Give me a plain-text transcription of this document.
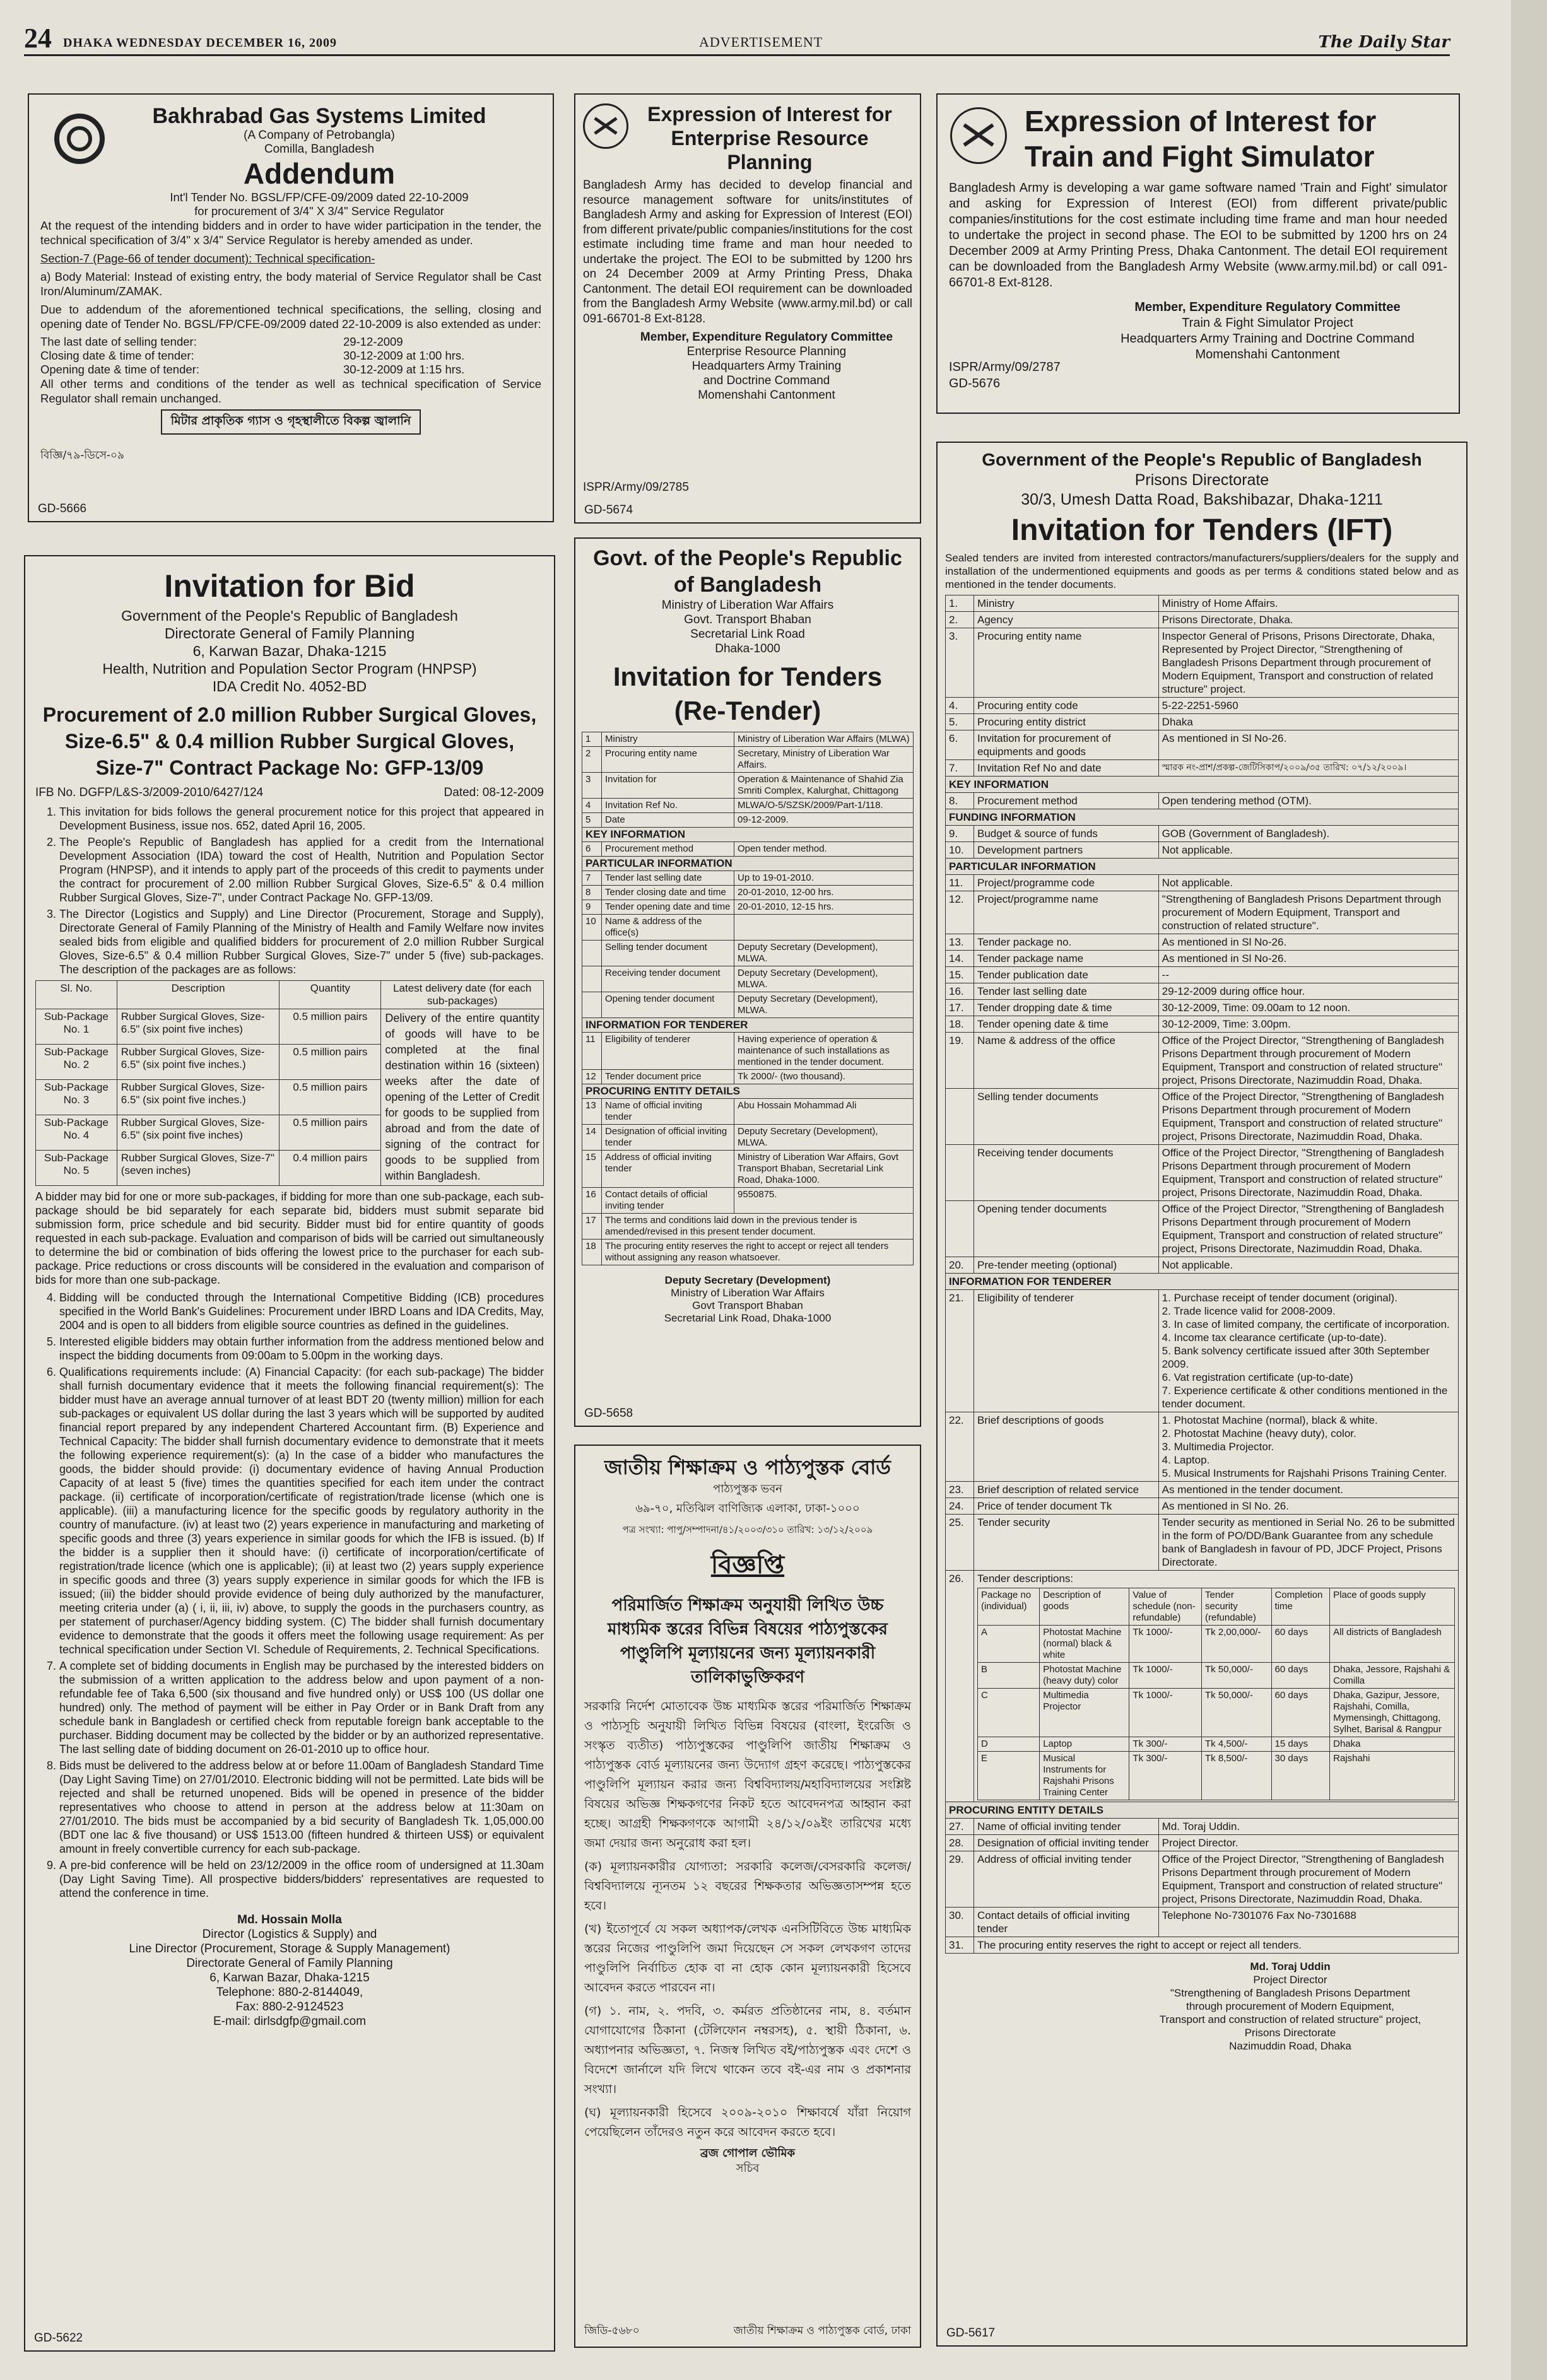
24 DHAKA WEDNESDAY DECEMBER 16, 2009	ADVERTISEMENT	The Daily Star
Bakhrabad Gas Systems Limited
(A Company of Petrobangla)
Comilla, Bangladesh
Addendum
Int'l Tender No. BGSL/FP/CFE-09/2009 dated 22-10-2009
for procurement of 3/4" X 3/4" Service Regulator

At the request of the intending bidders and in order to have wider participation in the tender, the technical specification of 3/4" x 3/4" Service Regulator is hereby amended as under.

Section-7 (Page-66 of tender document): Technical specification-

a) Body Material: Instead of existing entry, the body material of Service Regulator shall be Cast Iron/Aluminum/ZAMAK.

Due to addendum of the aforementioned technical specifications, the selling, closing and opening date of Tender No. BGSL/FP/CFE-09/2009 dated 22-10-2009 is also extended as under:

The last date of selling tender:	29-12-2009
Closing date & time of tender:	30-12-2009 at 1:00 hrs.
Opening date & time of tender:	30-12-2009 at 1:15 hrs.

All other terms and conditions of the tender as well as technical specification of Service Regulator shall remain unchanged.

মিটার প্রাকৃতিক গ্যাস ও গৃহস্থালীতে বিকল্প জ্বালানি
বিজ্ঞি/৭৯-ডিসে-০৯
GD-5666
Expression of Interest for Enterprise Resource Planning

Bangladesh Army has decided to develop financial and resource management software for units/institutes of Bangladesh Army and asking for Expression of Interest (EOI) from different private/public companies/institutions for the cost estimate including time frame and man hour needed to undertake the project. The EOI to be submitted by 1200 hrs on 24 December 2009 at Army Printing Press, Dhaka Cantonment. The detail EOI requirement can be downloaded from the Bangladesh Army Website (www.army.mil.bd) or call 091-66701-8 Ext-8128.

Member, Expenditure Regulatory Committee
Enterprise Resource Planning
Headquarters Army Training
and Doctrine Command
Momenshahi Cantonment
ISPR/Army/09/2785
GD-5674
Expression of Interest for Train and Fight Simulator

Bangladesh Army is developing a war game software named 'Train and Fight' simulator and asking for Expression of Interest (EOI) from different private/public companies/institutions for the cost estimate including time frame and man hour needed to undertake the project in second phase. The EOI to be submitted by 1200 hrs on 24 December 2009 at Army Printing Press, Dhaka Cantonment. The detail EOI requirement can be downloaded from the Bangladesh Army Website (www.army.mil.bd) or call 091-66701-8 Ext-8128.

Member, Expenditure Regulatory Committee
Train & Fight Simulator Project
Headquarters Army Training and Doctrine Command
Momenshahi Cantonment
ISPR/Army/09/2787
GD-5676
Invitation for Bid
Government of the People's Republic of Bangladesh
Directorate General of Family Planning
6, Karwan Bazar, Dhaka-1215
Health, Nutrition and Population Sector Program (HNPSP)
IDA Credit No. 4052-BD
Procurement of 2.0 million Rubber Surgical Gloves, Size-6.5" & 0.4 million Rubber Surgical Gloves, Size-7" Contract Package No: GFP-13/09
IFB No. DGFP/L&S-3/2009-2010/6427/124	Dated: 08-12-2009
1. This invitation for bids follows the general procurement notice for this project that appeared in Development Business, issue nos. 652, dated April 16, 2005.
2. The People's Republic of Bangladesh has applied for a credit from the International Development Association (IDA) toward the cost of Health, Nutrition and Population Sector Program (HNPSP), and it intends to apply part of the proceeds of this credit to payments under the contract for procurement of 2.00 million Rubber Surgical Gloves, Size-6.5" & 0.4 million Rubber Surgical Gloves, Size-7", under Contract Package No. GFP-13/09.
3. The Director (Logistics and Supply) and Line Director (Procurement, Storage and Supply), Directorate General of Family Planning of the Ministry of Health and Family Welfare now invites sealed bids from eligible and qualified bidders for procurement of 2.0 million Rubber Surgical Gloves, Size-6.5" & 0.4 million Rubber Surgical Gloves, Size-7" under 5 (five) sub-packages. The description of the packages are as follows:
Sl. No.	Description	Quantity	Latest delivery date (for each sub-packages)
Sub-Package No. 1	Rubber Surgical Gloves, Size-6.5" (six point five inches)	0.5 million pairs	Delivery of the entire quantity of goods will have to be completed at the final destination within 16 (sixteen) weeks after the date of opening of the Letter of Credit for goods to be supplied from abroad and from the date of signing of the contract for goods to be supplied from within Bangladesh.
Sub-Package No. 2	Rubber Surgical Gloves, Size-6.5" (six point five inches.)	0.5 million pairs	
Sub-Package No. 3	Rubber Surgical Gloves, Size-6.5" (six point five inches.)	0.5 million pairs	
Sub-Package No. 4	Rubber Surgical Gloves, Size-6.5" (six point five inches)	0.5 million pairs	
Sub-Package No. 5	Rubber Surgical Gloves, Size-7" (seven inches)	0.4 million pairs	

A bidder may bid for one or more sub-packages, if bidding for more than one sub-package, each sub-package should be bid separately for each separate bid, bidders must submit separate bid submission form, price schedule and bid security. Bidder must bid for entire quantity of goods requested in each sub-package. Evaluation and comparison of bids will be carried out simultaneously to determine the bid or combination of bids offering the lowest price to the purchaser for each sub-package. Price reductions or cross discounts will be considered in the evaluation and comparison of bids for more than one sub-package.

4. Bidding will be conducted through the International Competitive Bidding (ICB) procedures specified in the World Bank's Guidelines: Procurement under IBRD Loans and IDA Credits, May, 2004 and is open to all bidders from eligible source countries as defined in the guidelines.
5. Interested eligible bidders may obtain further information from the address mentioned below and inspect the bidding documents from 09:00am to 5.00pm in the working days.
6. Qualifications requirements include: (A) Financial Capacity: (for each sub-package) The bidder shall furnish documentary evidence that it meets the following financial requirement(s): The bidder must have an average annual turnover of at least BDT 20 (twenty million) million for each sub-packages or equivalent US dollar during the last 3 years which will be supported by audited financial report prepared by any independent Chartered Accountant firm. (B) Experience and Technical Capacity: The bidder shall furnish documentary evidence to demonstrate that it meets the following experience requirement(s): (a) In the case of a bidder who manufactures the goods, the bidder should provide: (i) documentary evidence of having Annual Production Capacity of at least 5 (five) times the quantities specified for each item under the contract package. (ii) certificate of incorporation/certificate of registration/trade license (which one is applicable). (iii) a manufacturing licence for the specific goods by regulatory authority in the country of manufacture. (iv) at least two (2) years experience in manufacturing and marketing of specific goods and three (3) years experience in similar goods for which the IFB is issued. (b) If the bidder is a supplier then it should have: (i) certificate of incorporation/certificate of registration/trade licence (which one is applicable); (ii) at least two (2) years supply experience in specific goods and three (3) years supply experience in similar goods for which the IFB is issued; (iii) the bidder should provide evidence of being duly authorized by the manufacturer, meeting criteria under (a) ( i, ii, iii, iv) above, to supply the goods in the purchasers country, as per statement of purchaser/Agency bidding system. (C) The bidder shall furnish documentary evidence to demonstrate that the goods it offers meet the following usage requirement: As per technical specification under Section VI. Schedule of Requirements, 2. Technical Specifications.
7. A complete set of bidding documents in English may be purchased by the interested bidders on the submission of a written application to the address below and upon payment of a non-refundable fee of Taka 6,500 (six thousand and five hundred only) or US$ 100 (US dollar one hundred) only. The method of payment will be either in Pay Order or in Bank Draft from any schedule bank in Bangladesh or certified check from reputable foreign bank acceptable to the purchaser. Bidding document may be collected by the bidder or by an authorized representative. The last selling date of bidding document on 26-01-2010 up to office hour.
8. Bids must be delivered to the address below at or before 11.00am of Bangladesh Standard Time (Day Light Saving Time) on 27/01/2010. Electronic bidding will not be permitted. Late bids will be rejected and shall be returned unopened. Bids will be opened in presence of the bidder representatives who choose to attend in person at the address below at 11:30am on 27/01/2010. The bids must be accompanied by a bid security of Bangladesh Tk. 1,05,000.00 (BDT one lac & five thousand) or US$ 1513.00 (fifteen hundred & thirteen US$) or equivalent amount in freely convertible currency for each sub-package.
9. A pre-bid conference will be held on 23/12/2009 in the office room of undersigned at 11.30am (Day Light Saving Time). All prospective bidders/bidders' representatives are requested to attend the conference in time.
Md. Hossain Molla
Director (Logistics & Supply) and
Line Director (Procurement, Storage & Supply Management)
Directorate General of Family Planning
6, Karwan Bazar, Dhaka-1215
Telephone: 880-2-8144049,
Fax: 880-2-9124523
E-mail: dirlsdgfp@gmail.com
GD-5622
Govt. of the People's Republic of Bangladesh
Ministry of Liberation War Affairs
Govt. Transport Bhaban
Secretarial Link Road
Dhaka-1000
Invitation for Tenders
(Re-Tender)
1	Ministry	Ministry of Liberation War Affairs (MLWA)
2	Procuring entity name	Secretary, Ministry of Liberation War Affairs.
3	Invitation for	Operation & Maintenance of Shahid Zia Smriti Complex, Kalurghat, Chittagong
4	Invitation Ref No.	MLWA/O-5/SZSK/2009/Part-1/118.
5	Date	09-12-2009.
KEY INFORMATION		
6	Procurement method	Open tender method.
PARTICULAR INFORMATION		
7	Tender last selling date	Up to 19-01-2010.
8	Tender closing date and time	20-01-2010, 12-00 hrs.
9	Tender opening date and time	20-01-2010, 12-15 hrs.
10	Name & address of the office(s)	
	Selling tender document	Deputy Secretary (Development), MLWA.
	Receiving tender document	Deputy Secretary (Development), MLWA.
	Opening tender document	Deputy Secretary (Development), MLWA.
INFORMATION FOR TENDERER		
11	Eligibility of tenderer	Having experience of operation & maintenance of such installations as mentioned in the tender document.
12	Tender document price	Tk 2000/- (two thousand).
PROCURING ENTITY DETAILS		
13	Name of official inviting tender	Abu Hossain Mohammad Ali
14	Designation of official inviting tender	Deputy Secretary (Development), MLWA.
15	Address of official inviting tender	Ministry of Liberation War Affairs, Govt Transport Bhaban, Secretarial Link Road, Dhaka-1000.
16	Contact details of official inviting tender	9550875.
17	The terms and conditions laid down in the previous tender is amended/revised in this present tender document.	
18	The procuring entity reserves the right to accept or reject all tenders without assigning any reason whatsoever.	
Deputy Secretary (Development)
Ministry of Liberation War Affairs
Govt Transport Bhaban
Secretarial Link Road, Dhaka-1000
GD-5658
জাতীয় শিক্ষাক্রম ও পাঠ্যপুস্তক বোর্ড
পাঠ্যপুস্তক ভবন
৬৯-৭০, মতিঝিল বাণিজ্যিক এলাকা, ঢাকা-১০০০
পত্র সংখ্যা: পাপু/সম্পাদনা/৪১/২০০৩/৩১০ তারিখ: ১৩/১২/২০০৯
বিজ্ঞপ্তি
পরিমার্জিত শিক্ষাক্রম অনুযায়ী লিখিত উচ্চ মাধ্যমিক স্তরের বিভিন্ন বিষয়ের পাঠ্যপুস্তকের পাণ্ডুলিপি মূল্যায়নের জন্য মূল্যায়নকারী তালিকাভুক্তিকরণ

সরকারি নির্দেশ মোতাবেক উচ্চ মাধ্যমিক স্তরের পরিমার্জিত শিক্ষাক্রম ও পাঠ্যসূচি অনুযায়ী লিখিত বিভিন্ন বিষয়ের (বাংলা, ইংরেজি ও সংস্কৃত ব্যতীত) পাঠ্যপুস্তকের পাণ্ডুলিপি জাতীয় শিক্ষাক্রম ও পাঠ্যপুস্তক বোর্ড মূল্যায়নের জন্য উদ্যোগ গ্রহণ করেছে। পাঠ্যপুস্তকের পাণ্ডুলিপি মূল্যায়ন করার জন্য বিশ্ববিদ্যালয়/মহাবিদ্যালয়ের সংশ্লিষ্ট বিষয়ের অভিজ্ঞ শিক্ষকগণের নিকট হতে আবেদনপত্র আহ্বান করা হচ্ছে। আগ্রহী শিক্ষকগণকে আগামী ২৪/১২/০৯ইং তারিখের মধ্যে জমা দেয়ার জন্য অনুরোধ করা হল।

(ক) মূল্যায়নকারীর যোগ্যতা: সরকারি কলেজ/বেসরকারি কলেজ/বিশ্ববিদ্যালয়ে ন্যূনতম ১২ বছরের শিক্ষকতার অভিজ্ঞতাসম্পন্ন হতে হবে।

(খ) ইতোপূর্বে যে সকল অধ্যাপক/লেখক এনসিটিবিতে উচ্চ মাধ্যমিক স্তরের নিজের পাণ্ডুলিপি জমা দিয়েছেন সে সকল লেখকগণ তাদের পাণ্ডুলিপি নির্বাচিত হোক বা না হোক কোন মূল্যায়নকারী হিসেবে আবেদন করতে পারবেন না।

(গ) ১. নাম, ২. পদবি, ৩. কর্মরত প্রতিষ্ঠানের নাম, ৪. বর্তমান যোগাযোগের ঠিকানা (টেলিফোন নম্বরসহ), ৫. স্থায়ী ঠিকানা, ৬. অধ্যাপনার অভিজ্ঞতা, ৭. নিজস্ব লিখিত বই/পাঠ্যপুস্তক এবং দেশে ও বিদেশে জার্নালে যদি লিখে থাকেন তবে বই-এর নাম ও প্রকাশনার সংখ্যা।

(ঘ) মূল্যায়নকারী হিসেবে ২০০৯-২০১০ শিক্ষাবর্ষে যাঁরা নিয়োগ পেয়েছিলেন তাঁদেরও নতুন করে আবেদন করতে হবে।

ব্রজ গোপাল ভৌমিক
সচিব
জিডি-৫৬৮০	জাতীয় শিক্ষাক্রম ও পাঠ্যপুস্তক বোর্ড, ঢাকা
Government of the People's Republic of Bangladesh
Prisons Directorate
30/3, Umesh Datta Road, Bakshibazar, Dhaka-1211
Invitation for Tenders (IFT)

Sealed tenders are invited from interested contractors/manufacturers/suppliers/dealers for the supply and installation of the undermentioned equipments and goods as per terms & conditions stated below and as mentioned in the tender documents.

1.	Ministry	Ministry of Home Affairs.
2.	Agency	Prisons Directorate, Dhaka.
3.	Procuring entity name	Inspector General of Prisons, Prisons Directorate, Dhaka, Represented by Project Director, "Strengthening of Bangladesh Prisons Department through procurement of Modern Equipment, Transport and construction of related structure" project.
4.	Procuring entity code	5-22-2251-5960
5.	Procuring entity district	Dhaka
6.	Invitation for procurement of equipments and goods	As mentioned in Sl No-26.
7.	Invitation Ref No and date	স্মারক নং-প্রাশ/প্রকল্প-জেটিসিকাপ/২০০৯/৩৫ তারিখ: ০৭/১২/২০০৯।
KEY INFORMATION
8.	Procurement method	Open tendering method (OTM).
FUNDING INFORMATION
9.	Budget & source of funds	GOB (Government of Bangladesh).
10.	Development partners	Not applicable.
PARTICULAR INFORMATION
11.	Project/programme code	Not applicable.
12.	Project/programme name	"Strengthening of Bangladesh Prisons Department through procurement of Modern Equipment, Transport and construction of related structure".
13.	Tender package no.	As mentioned in Sl No-26.
14.	Tender package name	As mentioned in Sl No-26.
15.	Tender publication date	--
16.	Tender last selling date	29-12-2009 during office hour.
17.	Tender dropping date & time	30-12-2009, Time: 09.00am to 12 noon.
18.	Tender opening date & time	30-12-2009, Time: 3.00pm.
19.	Name & address of the office	Office of the Project Director, "Strengthening of Bangladesh Prisons Department through procurement of Modern Equipment, Transport and construction of related structure" project, Prisons Directorate, Nazimuddin Road, Dhaka.
	Selling tender documents	Office of the Project Director, "Strengthening of Bangladesh Prisons Department through procurement of Modern Equipment, Transport and construction of related structure" project, Prisons Directorate, Nazimuddin Road, Dhaka.
	Receiving tender documents	Office of the Project Director, "Strengthening of Bangladesh Prisons Department through procurement of Modern Equipment, Transport and construction of related structure" project, Prisons Directorate, Nazimuddin Road, Dhaka.
	Opening tender documents	Office of the Project Director, "Strengthening of Bangladesh Prisons Department through procurement of Modern Equipment, Transport and construction of related structure" project, Prisons Directorate, Nazimuddin Road, Dhaka.
20.	Pre-tender meeting (optional)	Not applicable.
INFORMATION FOR TENDERER
21.	Eligibility of tenderer	1. Purchase receipt of tender document (original).
2. Trade licence valid for 2008-2009.
3. In case of limited company, the certificate of incorporation.
4. Income tax clearance certificate (up-to-date).
5. Bank solvency certificate issued after 30th September 2009.
6. Vat registration certificate (up-to-date)
7. Experience certificate & other conditions mentioned in the tender document.

22.	Brief descriptions of goods	1. Photostat Machine (normal), black & white.
2. Photostat Machine (heavy duty), color.
3. Multimedia Projector.
4. Laptop.
5. Musical Instruments for Rajshahi Prisons Training Center.

23.	Brief description of related service	As mentioned in the tender document.
24.	Price of tender document Tk	As mentioned in Sl No. 26.
25.	Tender security	Tender security as mentioned in Serial No. 26 to be submitted in the form of PO/DD/Bank Guarantee from any schedule bank of Bangladesh in favour of PD, JDCF Project, Prisons Directorate.
26.	Tender descriptions:
Package no (individual)	Description of goods	Value of schedule (non-refundable)	Tender security (refundable)	Completion time	Place of goods supply
A	Photostat Machine (normal) black & white	Tk 1000/-	Tk 2,00,000/-	60 days	All districts of Bangladesh
B	Photostat Machine (heavy duty) color	Tk 1000/-	Tk 50,000/-	60 days	Dhaka, Jessore, Rajshahi & Comilla
C	Multimedia Projector	Tk 1000/-	Tk 50,000/-	60 days	Dhaka, Gazipur, Jessore, Rajshahi, Comilla, Mymensingh, Chittagong, Sylhet, Barisal & Rangpur
D	Laptop	Tk 300/-	Tk 4,500/-	15 days	Dhaka
E	Musical Instruments for Rajshahi Prisons Training Center	Tk 300/-	Tk 8,500/-	30 days	Rajshahi

PROCURING ENTITY DETAILS
27.	Name of official inviting tender	Md. Toraj Uddin.
28.	Designation of official inviting tender	Project Director.
29.	Address of official inviting tender	Office of the Project Director, "Strengthening of Bangladesh Prisons Department through procurement of Modern Equipment, Transport and construction of related structure" project, Prisons Directorate, Nazimuddin Road, Dhaka.
30.	Contact details of official inviting tender	Telephone No-7301076 Fax No-7301688
31.	The procuring entity reserves the right to accept or reject all tenders.
Md. Toraj Uddin
Project Director
"Strengthening of Bangladesh Prisons Department
through procurement of Modern Equipment,
Transport and construction of related structure" project,
Prisons Directorate
Nazimuddin Road, Dhaka
GD-5617
